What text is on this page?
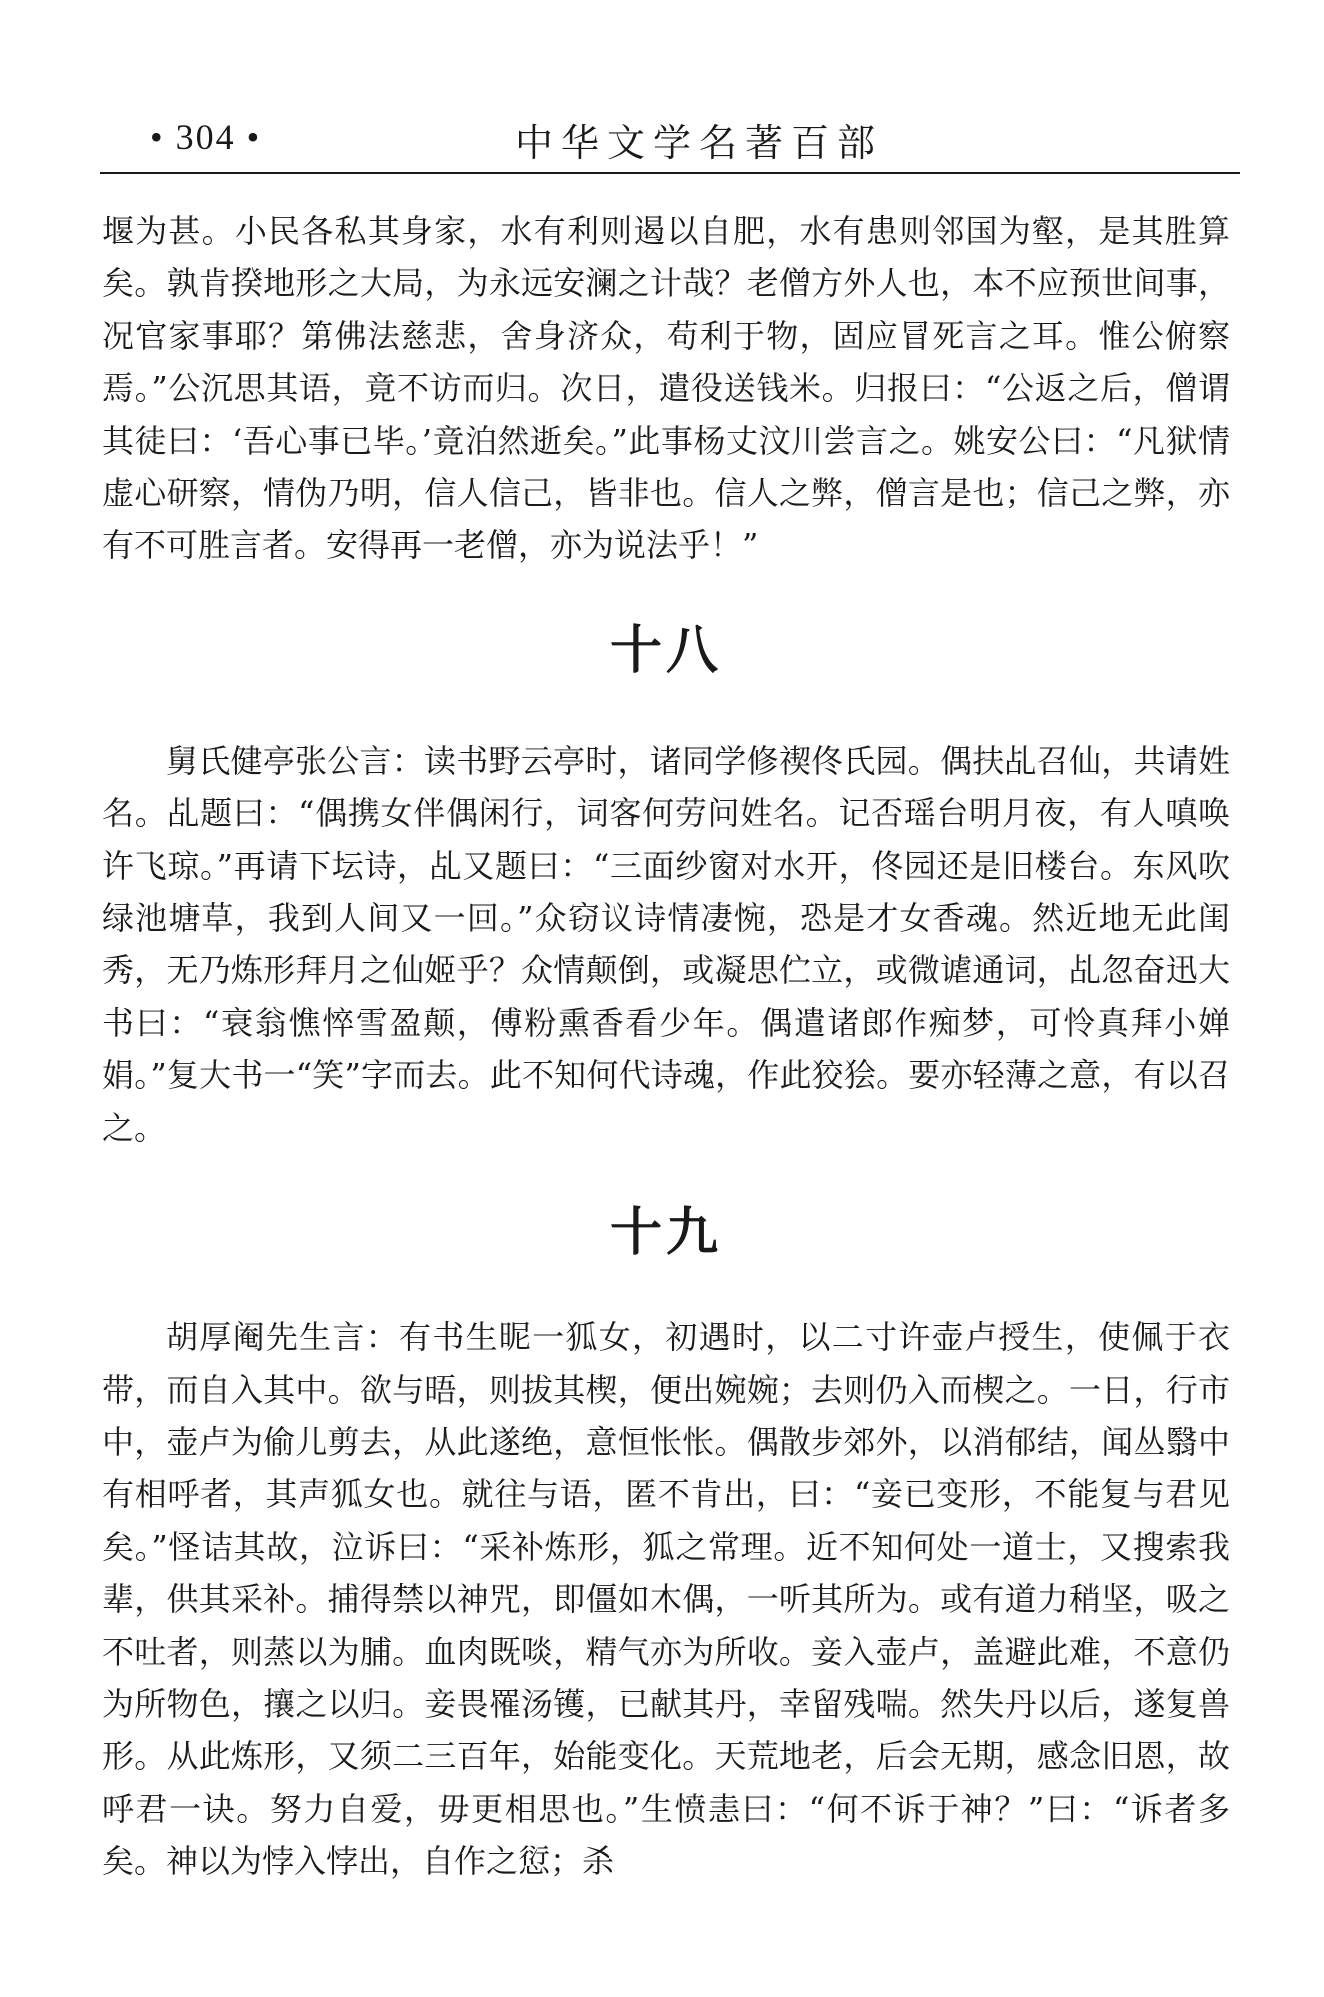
• 304 •	中华文学名著百部

堰为甚。小民各私其身家，水有利则遏以自肥，水有患则邻国为壑，是其胜算矣。孰肯揆地形之大局，为永远安澜之计哉？老僧方外人也，本不应预世间事，况官家事耶？第佛法慈悲，舍身济众，苟利于物，固应冒死言之耳。惟公俯察焉。”公沉思其语，竟不访而归。次日，遣役送钱米。归报曰：“公返之后，僧谓其徒曰：‘吾心事已毕。’竟泊然逝矣。”此事杨丈汶川尝言之。姚安公曰：“凡狱情虚心研察，情伪乃明，信人信己，皆非也。信人之弊，僧言是也；信己之弊，亦有不可胜言者。安得再一老僧，亦为说法乎！”

十八

舅氏健亭张公言：读书野云亭时，诸同学修禊佟氏园。偶扶乩召仙，共请姓名。乩题曰：“偶携女伴偶闲行，词客何劳问姓名。记否瑶台明月夜，有人嗔唤许飞琼。”再请下坛诗，乩又题曰：“三面纱窗对水开，佟园还是旧楼台。东风吹绿池塘草，我到人间又一回。”众窃议诗情凄惋，恐是才女香魂。然近地无此闺秀，无乃炼形拜月之仙姬乎？众情颠倒，或凝思伫立，或微谑通词，乩忽奋迅大书曰：“衰翁憔悴雪盈颠，傅粉熏香看少年。偶遣诸郎作痴梦，可怜真拜小婵娟。”复大书一“笑”字而去。此不知何代诗魂，作此狡狯。要亦轻薄之意，有以召之。

十九

胡厚阉先生言：有书生昵一狐女，初遇时，以二寸许壶卢授生，使佩于衣带，而自入其中。欲与晤，则拔其楔，便出婉婉；去则仍入而楔之。一日，行市中，壶卢为偷儿剪去，从此遂绝，意恒怅怅。偶散步郊外，以消郁结，闻丛翳中有相呼者，其声狐女也。就往与语，匿不肯出，曰：“妾已变形，不能复与君见矣。”怪诘其故，泣诉曰：“采补炼形，狐之常理。近不知何处一道士，又搜索我辈，供其采补。捕得禁以神咒，即僵如木偶，一听其所为。或有道力稍坚，吸之不吐者，则蒸以为脯。血肉既啖，精气亦为所收。妾入壶卢，盖避此难，不意仍为所物色，攘之以归。妾畏罹汤镬，已献其丹，幸留残喘。然失丹以后，遂复兽形。从此炼形，又须二三百年，始能变化。天荒地老，后会无期，感念旧恩，故呼君一诀。努力自爱，毋更相思也。”生愤恚曰：“何不诉于神？”曰：“诉者多矣。神以为悖入悖出，自作之愆；杀
